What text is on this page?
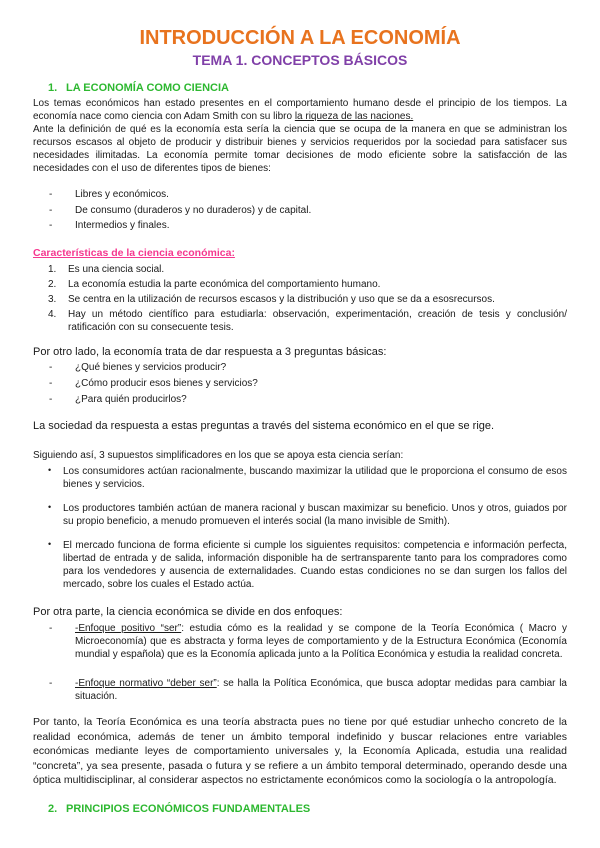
INTRODUCCIÓN A LA ECONOMÍA
TEMA 1. CONCEPTOS BÁSICOS
1. LA ECONOMÍA COMO CIENCIA

Los temas económicos han estado presentes en el comportamiento humano desde el principio de los tiempos. La economía nace como ciencia con Adam Smith con su libro la riqueza de las naciones.

Ante la definición de qué es la economía esta sería la ciencia que se ocupa de la manera en que se administran los recursos escasos al objeto de producir y distribuir bienes y servicios requeridos por la sociedad para satisfacer sus necesidades ilimitadas. La economía permite tomar decisiones de modo eficiente sobre la satisfacción de las necesidades con el uso de diferentes tipos de bienes:

- Libres y económicos.
- De consumo (duraderos y no duraderos) y de capital.
- Intermedios y finales.
Características de la ciencia económica:
1. Es una ciencia social.
2. La economía estudia la parte económica del comportamiento humano.
3. Se centra en la utilización de recursos escasos y la distribución y uso que se da a esosrecursos.
4. Hay un método científico para estudiarla: observación, experimentación, creación de tesis y conclusión/ ratificación con su consecuente tesis.

Por otro lado, la economía trata de dar respuesta a 3 preguntas básicas:

- ¿Qué bienes y servicios producir?
- ¿Cómo producir esos bienes y servicios?
- ¿Para quién producirlos?

La sociedad da respuesta a estas preguntas a través del sistema económico en el que se rige.

Siguiendo así, 3 supuestos simplificadores en los que se apoya esta ciencia serían:

• Los consumidores actúan racionalmente, buscando maximizar la utilidad que le proporciona el consumo de esos bienes y servicios.
• Los productores también actúan de manera racional y buscan maximizar su beneficio. Unos y otros, guiados por su propio beneficio, a menudo promueven el interés social (la mano invisible de Smith).
• El mercado funciona de forma eficiente si cumple los siguientes requisitos: competencia e información perfecta, libertad de entrada y de salida, información disponible ha de sertransparente tanto para los compradores como para los vendedores y ausencia de externalidades. Cuando estas condiciones no se dan surgen los fallos del mercado, sobre los cuales el Estado actúa.

Por otra parte, la ciencia económica se divide en dos enfoques:

- -Enfoque positivo “ser”: estudia cómo es la realidad y se compone de la Teoría Económica ( Macro y Microeconomía) que es abstracta y forma leyes de comportamiento y de la Estructura Económica (Economía mundial y española) que es la Economía aplicada junto a la Política Económica y estudia la realidad concreta.
- -Enfoque normativo “deber ser”: se halla la Política Económica, que busca adoptar medidas para cambiar la situación.

Por tanto, la Teoría Económica es una teoría abstracta pues no tiene por qué estudiar unhecho concreto de la realidad económica, además de tener un ámbito temporal indefinido y buscar relaciones entre variables económicas mediante leyes de comportamiento universales y, la Economía Aplicada, estudia una realidad “concreta”, ya sea presente, pasada o futura y se refiere a un ámbito temporal determinado, operando desde una óptica multidisciplinar, al considerar aspectos no estrictamente económicos como la sociología o la antropología.

2. PRINCIPIOS ECONÓMICOS FUNDAMENTALES
